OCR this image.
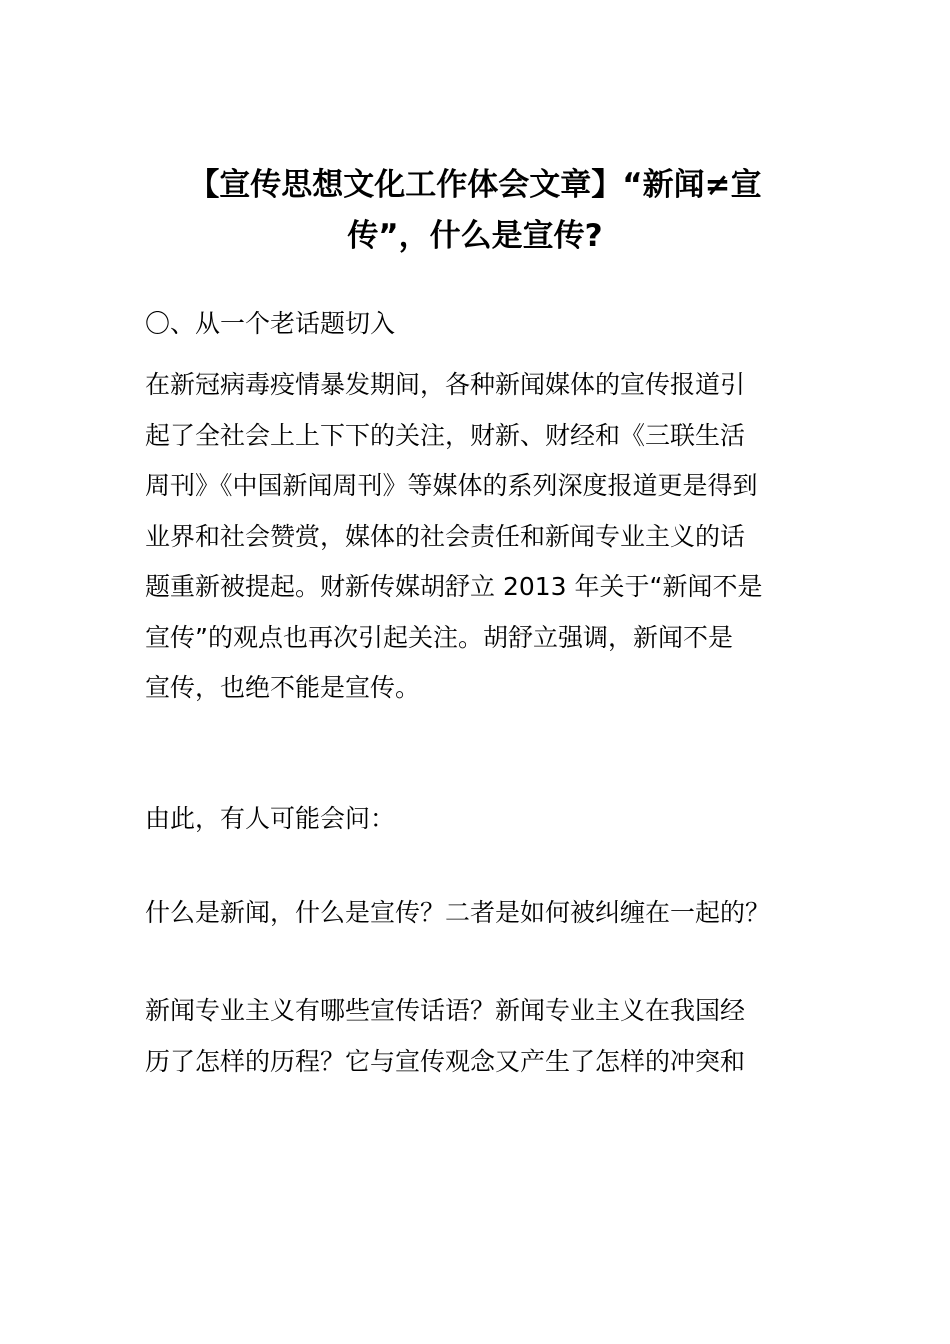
【宣传思想文化工作体会文章】“新闻≠宣
传”，什么是宣传?

〇、从一个老话题切入

在新冠病毒疫情暴发期间，各种新闻媒体的宣传报道引
起了全社会上上下下的关注，财新、财经和《三联生活
周刊》《中国新闻周刊》等媒体的系列深度报道更是得到
业界和社会赞赏，媒体的社会责任和新闻专业主义的话
题重新被提起。财新传媒胡舒立 2013 年关于“新闻不是
宣传”的观点也再次引起关注。胡舒立强调，新闻不是
宣传，也绝不能是宣传。

由此，有人可能会问：

什么是新闻，什么是宣传？二者是如何被纠缠在一起的？

新闻专业主义有哪些宣传话语？新闻专业主义在我国经
历了怎样的历程？它与宣传观念又产生了怎样的冲突和
